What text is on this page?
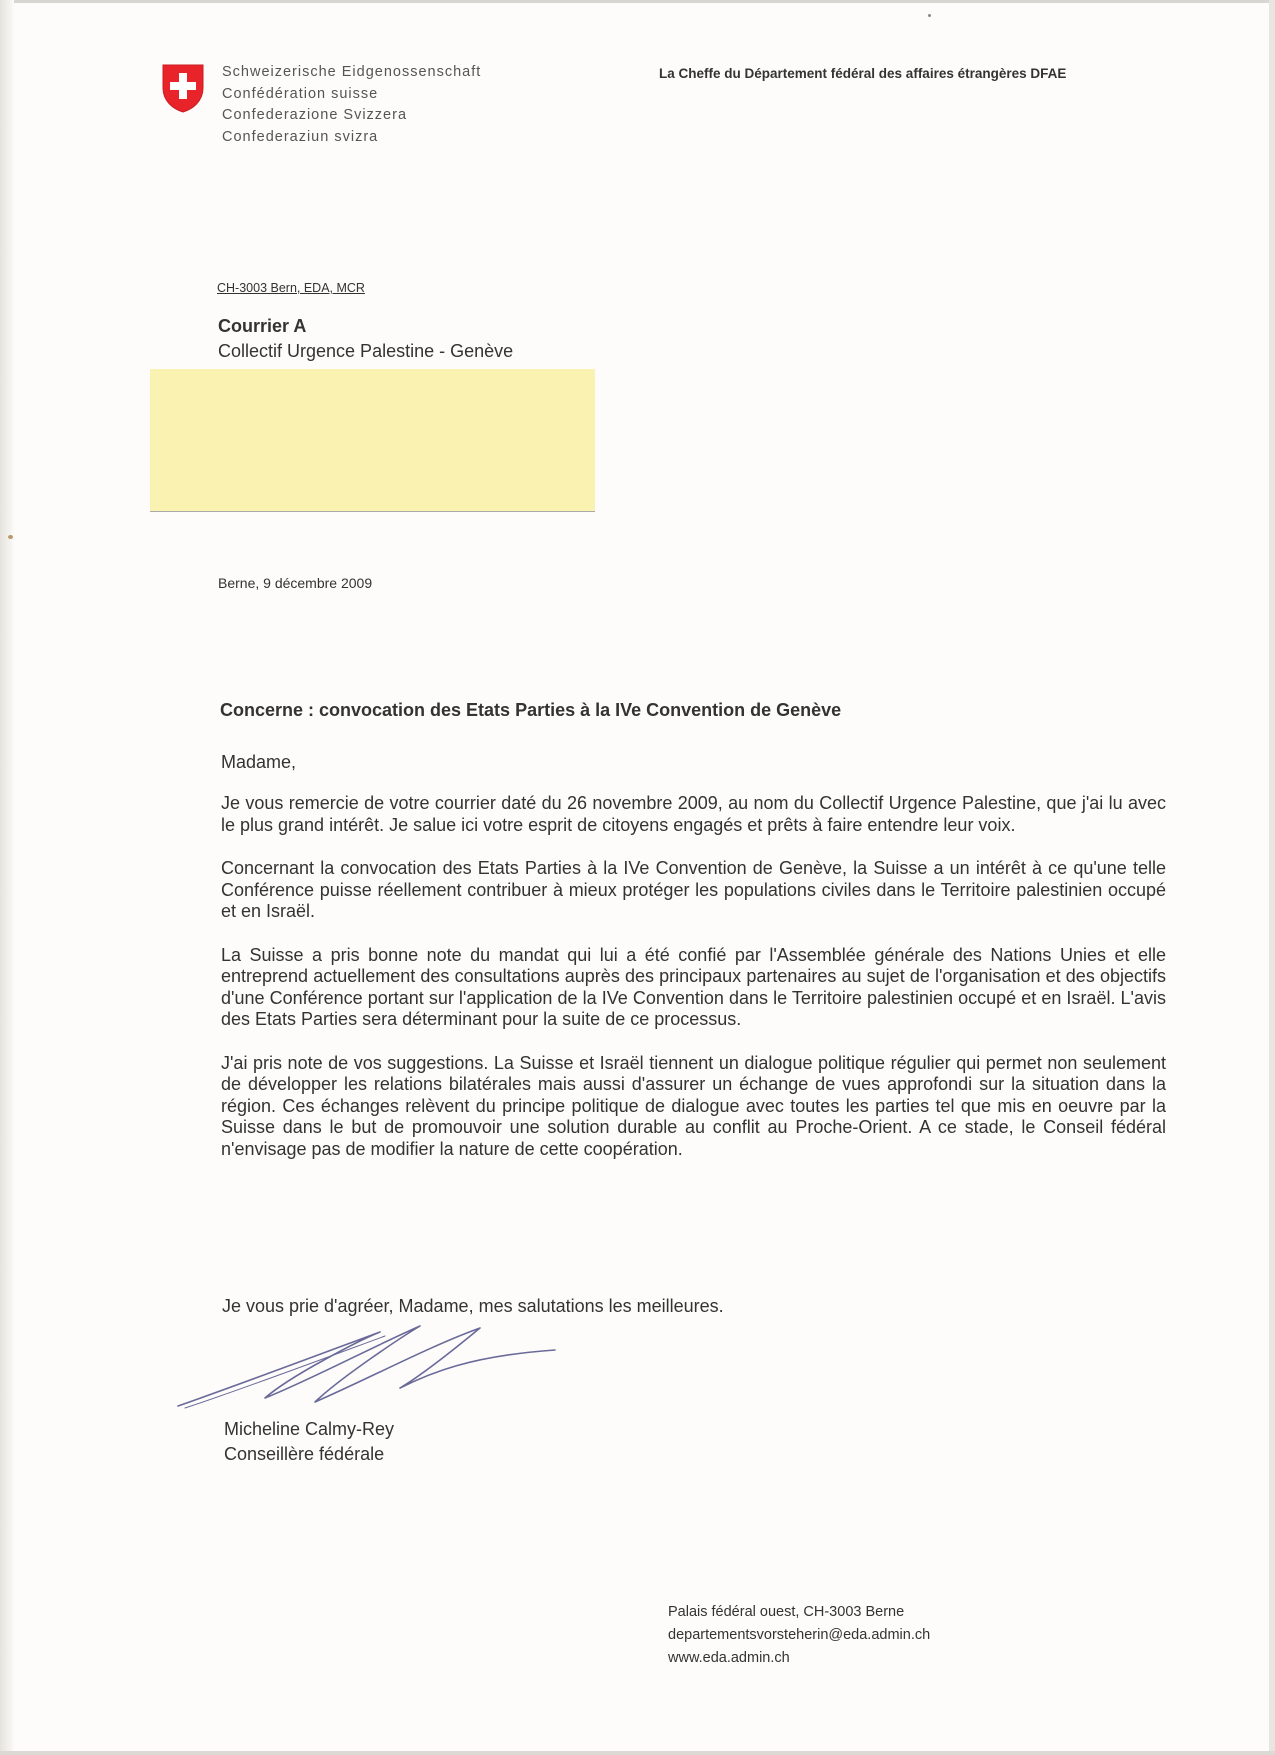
Schweizerische Eidgenossenschaft
Confédération suisse
Confederazione Svizzera
Confederaziun svizra
La Cheffe du Département fédéral des affaires étrangères DFAE
CH-3003 Bern, EDA, MCR
Courrier A
Collectif Urgence Palestine - Genève
Berne, 9 décembre 2009
Concerne : convocation des Etats Parties à la IVe Convention de Genève
Madame,

Je vous remercie de votre courrier daté du 26 novembre 2009, au nom du Collectif Urgence Palestine, que j'ai lu avec le plus grand intérêt. Je salue ici votre esprit de citoyens engagés et prêts à faire entendre leur voix.

Concernant la convocation des Etats Parties à la IVe Convention de Genève, la Suisse a un intérêt à ce qu'une telle Conférence puisse réellement contribuer à mieux protéger les populations civiles dans le Territoire palestinien occupé et en Israël.

La Suisse a pris bonne note du mandat qui lui a été confié par l'Assemblée générale des Nations Unies et elle entreprend actuellement des consultations auprès des principaux partenaires au sujet de l'organisation et des objectifs d'une Conférence portant sur l'application de la IVe Convention dans le Territoire palestinien occupé et en Israël. L'avis des Etats Parties sera déterminant pour la suite de ce processus.

J'ai pris note de vos suggestions. La Suisse et Israël tiennent un dialogue politique régulier qui permet non seulement de développer les relations bilatérales mais aussi d'assurer un échange de vues approfondi sur la situation dans la région. Ces échanges relèvent du principe politique de dialogue avec toutes les parties tel que mis en oeuvre par la Suisse dans le but de promouvoir une solution durable au conflit au Proche-Orient. A ce stade, le Conseil fédéral n'envisage pas de modifier la nature de cette coopération.

Je vous prie d'agréer, Madame, mes salutations les meilleures.
Micheline Calmy-Rey
Conseillère fédérale
Palais fédéral ouest, CH-3003 Berne
departementsvorsteherin@eda.admin.ch
www.eda.admin.ch
